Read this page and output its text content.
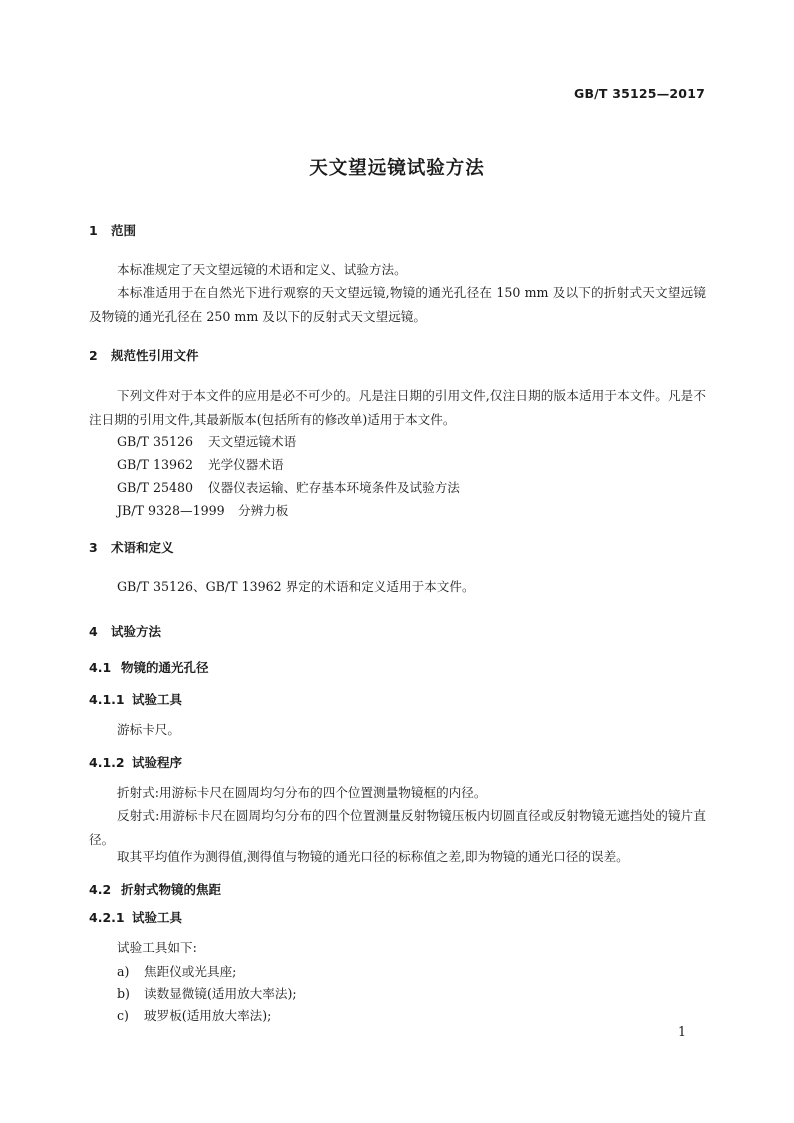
GB/T 35125—2017
天文望远镜试验方法
1 范围
本标准规定了天文望远镜的术语和定义、试验方法。
本标准适用于在自然光下进行观察的天文望远镜,物镜的通光孔径在 150 mm 及以下的折射式天文望远镜及物镜的通光孔径在 250 mm 及以下的反射式天文望远镜。
2 规范性引用文件
下列文件对于本文件的应用是必不可少的。凡是注日期的引用文件,仅注日期的版本适用于本文件。凡是不注日期的引用文件,其最新版本(包括所有的修改单)适用于本文件。
GB/T 35126 天文望远镜术语
GB/T 13962 光学仪器术语
GB/T 25480 仪器仪表运输、贮存基本环境条件及试验方法
JB/T 9328—1999 分辨力板
3 术语和定义
GB/T 35126、GB/T 13962 界定的术语和定义适用于本文件。
4 试验方法
4.1 物镜的通光孔径
4.1.1 试验工具
游标卡尺。
4.1.2 试验程序
折射式:用游标卡尺在圆周均匀分布的四个位置测量物镜框的内径。
反射式:用游标卡尺在圆周均匀分布的四个位置测量反射物镜压板内切圆直径或反射物镜无遮挡处的镜片直径。
取其平均值作为测得值,测得值与物镜的通光口径的标称值之差,即为物镜的通光口径的误差。
4.2 折射式物镜的焦距
4.2.1 试验工具
试验工具如下:
a) 焦距仪或光具座;
b) 读数显微镜(适用放大率法);
c) 玻罗板(适用放大率法);
1
